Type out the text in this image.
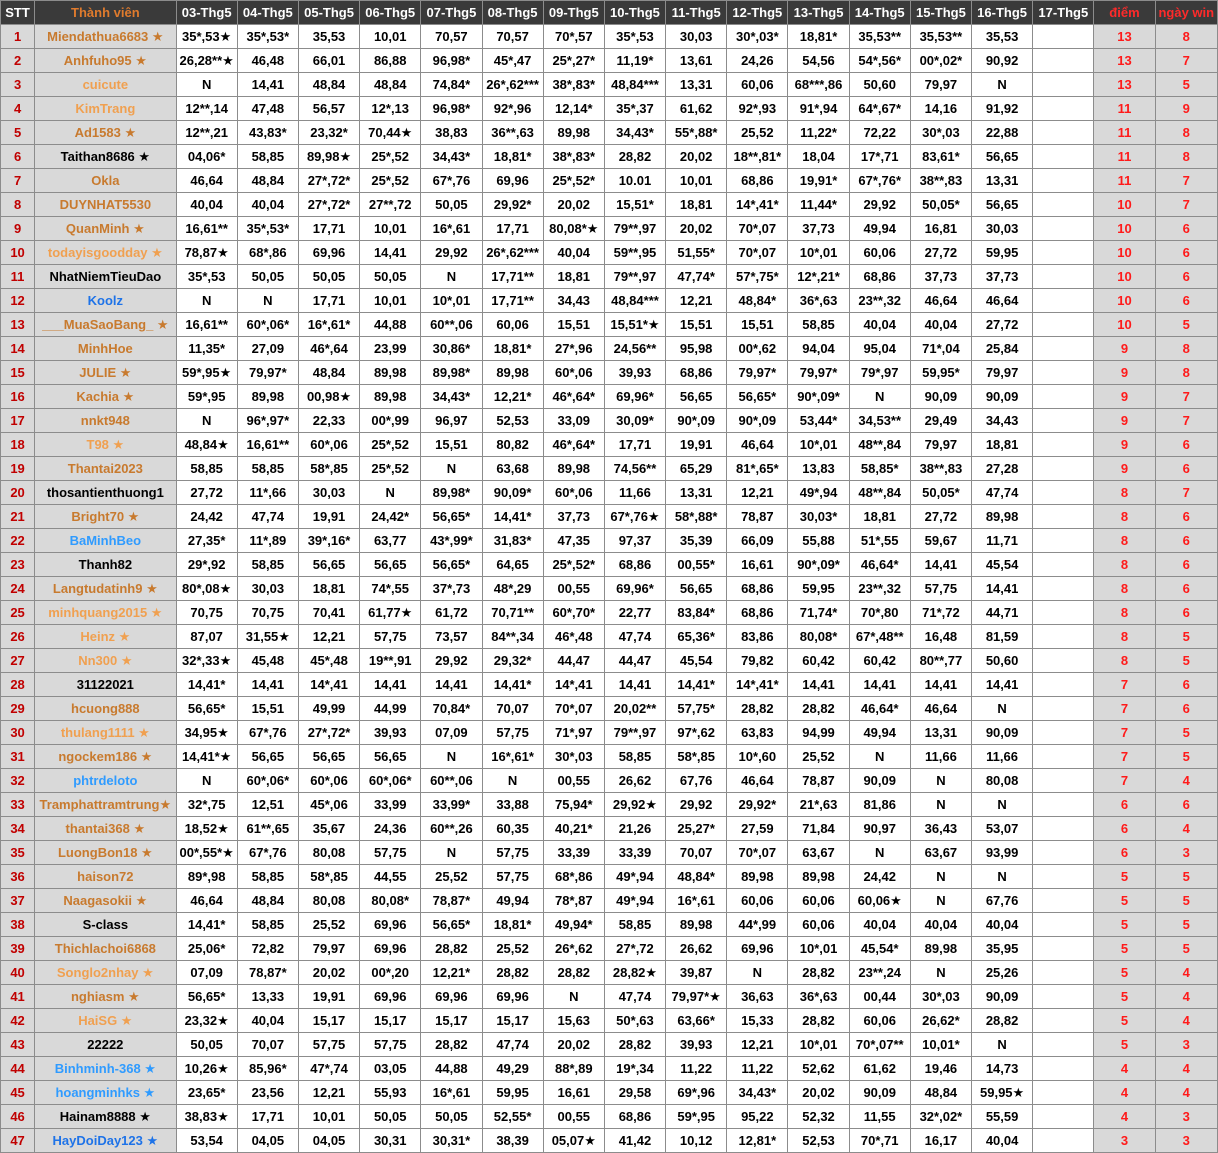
STT	Thành viên	03-Thg5	04-Thg5	05-Thg5	06-Thg5	07-Thg5	08-Thg5	09-Thg5	10-Thg5	11-Thg5	12-Thg5	13-Thg5	14-Thg5	15-Thg5	16-Thg5	17-Thg5	điểm	ngày win
1	Miendathua6683 ★	35*,53★	35*,53*	35,53	10,01	70,57	70,57	70*,57	35*,53	30,03	30*,03*	18,81*	35,53**	35,53**	35,53		13	8
2	Anhfuho95 ★	26,28**★	46,48	66,01	86,88	96,98*	45*,47	25*,27*	11,19*	13,61	24,26	54,56	54*,56*	00*,02*	90,92		13	7
3	cuicute	N	14,41	48,84	48,84	74,84*	26*,62***	38*,83*	48,84***	13,31	60,06	68***,86	50,60	79,97	N		13	5
4	KimTrang	12**,14	47,48	56,57	12*,13	96,98*	92*,96	12,14*	35*,37	61,62	92*,93	91*,94	64*,67*	14,16	91,92		11	9
5	Ad1583 ★	12**,21	43,83*	23,32*	70,44★	38,83	36**,63	89,98	34,43*	55*,88*	25,52	11,22*	72,22	30*,03	22,88		11	8
6	Taithan8686 ★	04,06*	58,85	89,98★	25*,52	34,43*	18,81*	38*,83*	28,82	20,02	18**,81*	18,04	17*,71	83,61*	56,65		11	8
7	Okla	46,64	48,84	27*,72*	25*,52	67*,76	69,96	25*,52*	10.01	10,01	68,86	19,91*	67*,76*	38**,83	13,31		11	7
8	DUYNHAT5530	40,04	40,04	27*,72*	27**,72	50,05	29,92*	20,02	15,51*	18,81	14*,41*	11,44*	29,92	50,05*	56,65		10	7
9	QuanMinh ★	16,61**	35*,53*	17,71	10,01	16*,61	17,71	80,08*★	79**,97	20,02	70*,07	37,73	49,94	16,81	30,03		10	6
10	todayisgoodday ★	78,87★	68*,86	69,96	14,41	29,92	26*,62***	40,04	59**,95	51,55*	70*,07	10*,01	60,06	27,72	59,95		10	6
11	NhatNiemTieuDao	35*,53	50,05	50,05	50,05	N	17,71**	18,81	79**,97	47,74*	57*,75*	12*,21*	68,86	37,73	37,73		10	6
12	Koolz	N	N	17,71	10,01	10*,01	17,71**	34,43	48,84***	12,21	48,84*	36*,63	23**,32	46,64	46,64		10	6
13	___MuaSaoBang_ ★	16,61**	60*,06*	16*,61*	44,88	60**,06	60,06	15,51	15,51*★	15,51	15,51	58,85	40,04	40,04	27,72		10	5
14	MinhHoe	11,35*	27,09	46*,64	23,99	30,86*	18,81*	27*,96	24,56**	95,98	00*,62	94,04	95,04	71*,04	25,84		9	8
15	JULIE ★	59*,95★	79,97*	48,84	89,98	89,98*	89,98	60*,06	39,93	68,86	79,97*	79,97*	79*,97	59,95*	79,97		9	8
16	Kachia ★	59*,95	89,98	00,98★	89,98	34,43*	12,21*	46*,64*	69,96*	56,65	56,65*	90*,09*	N	90,09	90,09		9	7
17	nnkt948	N	96*,97*	22,33	00*,99	96,97	52,53	33,09	30,09*	90*,09	90*,09	53,44*	34,53**	29,49	34,43		9	7
18	T98 ★	48,84★	16,61**	60*,06	25*,52	15,51	80,82	46*,64*	17,71	19,91	46,64	10*,01	48**,84	79,97	18,81		9	6
19	Thantai2023	58,85	58,85	58*,85	25*,52	N	63,68	89,98	74,56**	65,29	81*,65*	13,83	58,85*	38**,83	27,28		9	6
20	thosantienthuong1	27,72	11*,66	30,03	N	89,98*	90,09*	60*,06	11,66	13,31	12,21	49*,94	48**,84	50,05*	47,74		8	7
21	Bright70 ★	24,42	47,74	19,91	24,42*	56,65*	14,41*	37,73	67*,76★	58*,88*	78,87	30,03*	18,81	27,72	89,98		8	6
22	BaMinhBeo	27,35*	11*,89	39*,16*	63,77	43*,99*	31,83*	47,35	97,37	35,39	66,09	55,88	51*,55	59,67	11,71		8	6
23	Thanh82	29*,92	58,85	56,65	56,65	56,65*	64,65	25*,52*	68,86	00,55*	16,61	90*,09*	46,64*	14,41	45,54		8	6
24	Langtudatinh9 ★	80*,08★	30,03	18,81	74*,55	37*,73	48*,29	00,55	69,96*	56,65	68,86	59,95	23**,32	57,75	14,41		8	6
25	minhquang2015 ★	70,75	70,75	70,41	61,77★	61,72	70,71**	60*,70*	22,77	83,84*	68,86	71,74*	70*,80	71*,72	44,71		8	6
26	Heinz ★	87,07	31,55★	12,21	57,75	73,57	84**,34	46*,48	47,74	65,36*	83,86	80,08*	67*,48**	16,48	81,59		8	5
27	Nn300 ★	32*,33★	45,48	45*,48	19**,91	29,92	29,32*	44,47	44,47	45,54	79,82	60,42	60,42	80**,77	50,60		8	5
28	31122021	14,41*	14,41	14*,41	14,41	14,41	14,41*	14*,41	14,41	14,41*	14*,41*	14,41	14,41	14,41	14,41		7	6
29	hcuong888	56,65*	15,51	49,99	44,99	70,84*	70,07	70*,07	20,02**	57,75*	28,82	28,82	46,64*	46,64	N		7	6
30	thulang1111 ★	34,95★	67*,76	27*,72*	39,93	07,09	57,75	71*,97	79**,97	97*,62	63,83	94,99	49,94	13,31	90,09		7	5
31	ngockem186 ★	14,41*★	56,65	56,65	56,65	N	16*,61*	30*,03	58,85	58*,85	10*,60	25,52	N	11,66	11,66		7	5
32	phtrdeloto	N	60*,06*	60*,06	60*,06*	60**,06	N	00,55	26,62	67,76	46,64	78,87	90,09	N	80,08		7	4
33	Tramphattramtrung★	32*,75	12,51	45*,06	33,99	33,99*	33,88	75,94*	29,92★	29,92	29,92*	21*,63	81,86	N	N		6	6
34	thantai368 ★	18,52★	61**,65	35,67	24,36	60**,26	60,35	40,21*	21,26	25,27*	27,59	71,84	90,97	36,43	53,07		6	4
35	LuongBon18 ★	00*,55*★	67*,76	80,08	57,75	N	57,75	33,39	33,39	70,07	70*,07	63,67	N	63,67	93,99		6	3
36	haison72	89*,98	58,85	58*,85	44,55	25,52	57,75	68*,86	49*,94	48,84*	89,98	89,98	24,42	N	N		5	5
37	Naagasokii ★	46,64	48,84	80,08	80,08*	78,87*	49,94	78*,87	49*,94	16*,61	60,06	60,06	60,06★	N	67,76		5	5
38	S-class	14,41*	58,85	25,52	69,96	56,65*	18,81*	49,94*	58,85	89,98	44*,99	60,06	40,04	40,04	40,04		5	5
39	Thichlachoi6868	25,06*	72,82	79,97	69,96	28,82	25,52	26*,62	27*,72	26,62	69,96	10*,01	45,54*	89,98	35,95		5	5
40	Songlo2nhay ★	07,09	78,87*	20,02	00*,20	12,21*	28,82	28,82	28,82★	39,87	N	28,82	23**,24	N	25,26		5	4
41	nghiasm ★	56,65*	13,33	19,91	69,96	69,96	69,96	N	47,74	79,97*★	36,63	36*,63	00,44	30*,03	90,09		5	4
42	HaiSG ★	23,32★	40,04	15,17	15,17	15,17	15,17	15,63	50*,63	63,66*	15,33	28,82	60,06	26,62*	28,82		5	4
43	22222	50,05	70,07	57,75	57,75	28,82	47,74	20,02	28,82	39,93	12,21	10*,01	70*,07**	10,01*	N		5	3
44	Binhminh-368 ★	10,26★	85,96*	47*,74	03,05	44,88	49,29	88*,89	19*,34	11,22	11,22	52,62	61,62	19,46	14,73		4	4
45	hoangminhks ★	23,65*	23,56	12,21	55,93	16*,61	59,95	16,61	29,58	69*,96	34,43*	20,02	90,09	48,84	59,95★		4	4
46	Hainam8888 ★	38,83★	17,71	10,01	50,05	50,05	52,55*	00,55	68,86	59*,95	95,22	52,32	11,55	32*,02*	55,59		4	3
47	HayDoiDay123 ★	53,54	04,05	04,05	30,31	30,31*	38,39	05,07★	41,42	10,12	12,81*	52,53	70*,71	16,17	40,04		3	3
